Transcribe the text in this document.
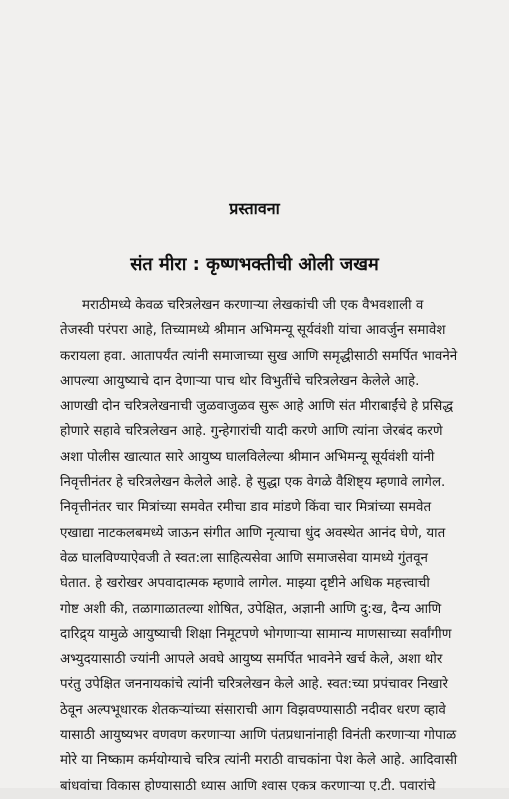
प्रस्तावना
संत मीरा : कृष्णभक्तीची ओली जखम
मराठीमध्ये केवळ चरित्रलेखन करणाऱ्या लेखकांची जी एक वैभवशाली व
तेजस्वी परंपरा आहे, तिच्यामध्ये श्रीमान अभिमन्यू सूर्यवंशी यांचा आवर्जुन समावेश
करायला हवा. आतापर्यंत त्यांनी समाजाच्या सुख आणि समृद्धीसाठी समर्पित भावनेने
आपल्या आयुष्याचे दान देणाऱ्या पाच थोर विभुतींचे चरित्रलेखन केलेले आहे.
आणखी दोन चरित्रलेखनाची जुळवाजुळव सुरू आहे आणि संत मीराबाईंचे हे प्रसिद्ध
होणारे सहावे चरित्रलेखन आहे. गुन्हेगारांची यादी करणे आणि त्यांना जेरबंद करणे
अशा पोलीस खात्यात सारे आयुष्य घालविलेल्या श्रीमान अभिमन्यू सूर्यवंशी यांनी
निवृत्तीनंतर हे चरित्रलेखन केलेले आहे. हे सुद्धा एक वेगळे वैशिष्ट्य म्हणावे लागेल.
निवृत्तीनंतर चार मित्रांच्या समवेत रमीचा डाव मांडणे किंवा चार मित्रांच्या समवेत
एखाद्या नाटकलबमध्ये जाऊन संगीत आणि नृत्याचा धुंद अवस्थेत आनंद घेणे, यात
वेळ घालविण्याऐवजी ते स्वत:ला साहित्यसेवा आणि समाजसेवा यामध्ये गुंतवून
घेतात. हे खरोखर अपवादात्मक म्हणावे लागेल. माझ्या दृष्टीने अधिक महत्त्वाची
गोष्ट अशी की, तळागाळातल्या शोषित, उपेक्षित, अज्ञानी आणि दु:ख, दैन्य आणि
दारिद्र्य यामुळे आयुष्याची शिक्षा निमूटपणे भोगणाऱ्या सामान्य माणसाच्या सर्वांगीण
अभ्युदयासाठी ज्यांनी आपले अवघे आयुष्य समर्पित भावनेने खर्च केले, अशा थोर
परंतु उपेक्षित जननायकांचे त्यांनी चरित्रलेखन केले आहे. स्वत:च्या प्रपंचावर निखारे
ठेवून अल्पभूधारक शेतकऱ्यांच्या संसाराची आग विझवण्यासाठी नदीवर धरण व्हावे
यासाठी आयुष्यभर वणवण करणाऱ्या आणि पंतप्रधानांनाही विनंती करणाऱ्या गोपाळ
मोरे या निष्काम कर्मयोग्याचे चरित्र त्यांनी मराठी वाचकांना पेश केले आहे. आदिवासी
बांधवांचा विकास होण्यासाठी ध्यास आणि श्‍वास एकत्र करणाऱ्या ए.टी. पवारांचे
